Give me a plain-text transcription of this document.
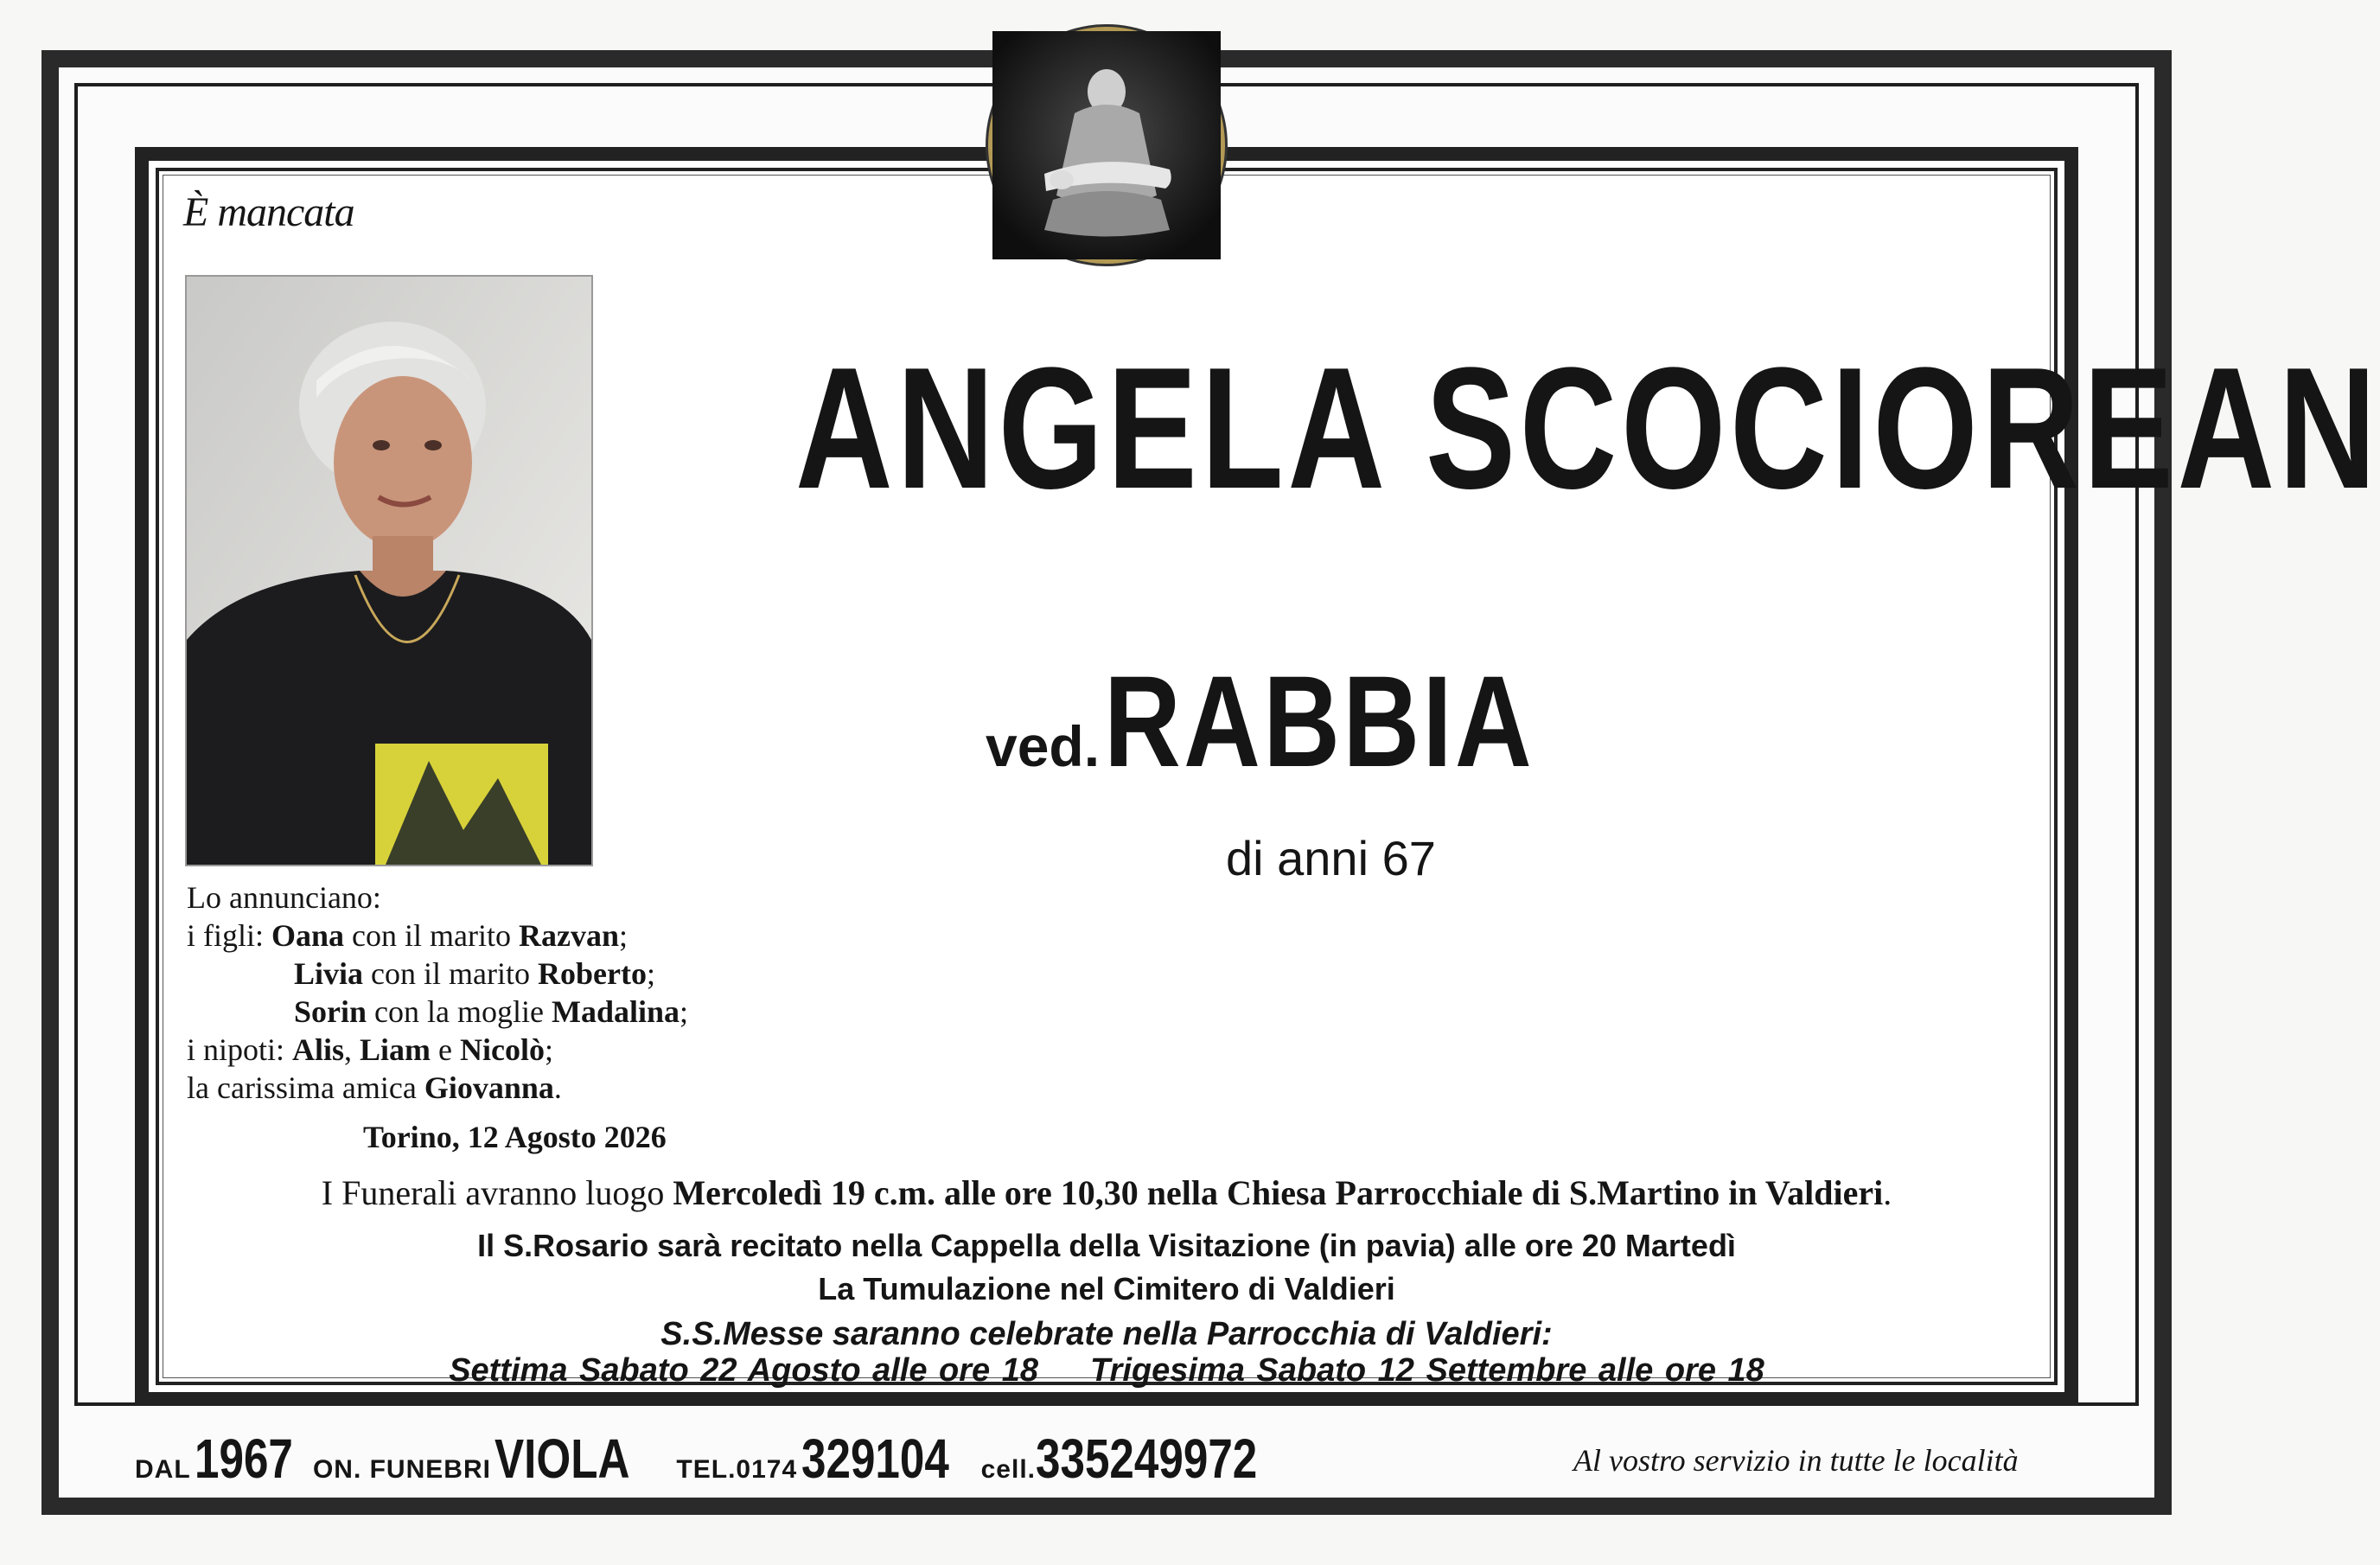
È mancata
ANGELA SCOCIOREAN
ved. RABBIA
di anni 67
Lo annunciano:
i figli: Oana con il marito Razvan;
Livia con il marito Roberto;
Sorin con la moglie Madalina;
i nipoti: Alis, Liam e Nicolò;
la carissima amica Giovanna.
Torino, 12 Agosto 2026
I Funerali avranno luogo Mercoledì 19 c.m. alle ore 10,30 nella Chiesa Parrocchiale di S.Martino in Valdieri.
Il S.Rosario sarà recitato nella Cappella della Visitazione (in pavia) alle ore 20 Martedì
La Tumulazione nel Cimitero di Valdieri
S.S.Messe saranno celebrate nella Parrocchia di Valdieri:
Settima Sabato 22 Agosto alle ore 18 Trigesima Sabato 12 Settembre alle ore 18
DAL 1967 ON. FUNEBRI VIOLA TEL.0174 329104 cell.335249972	Al vostro servizio in tutte le località
